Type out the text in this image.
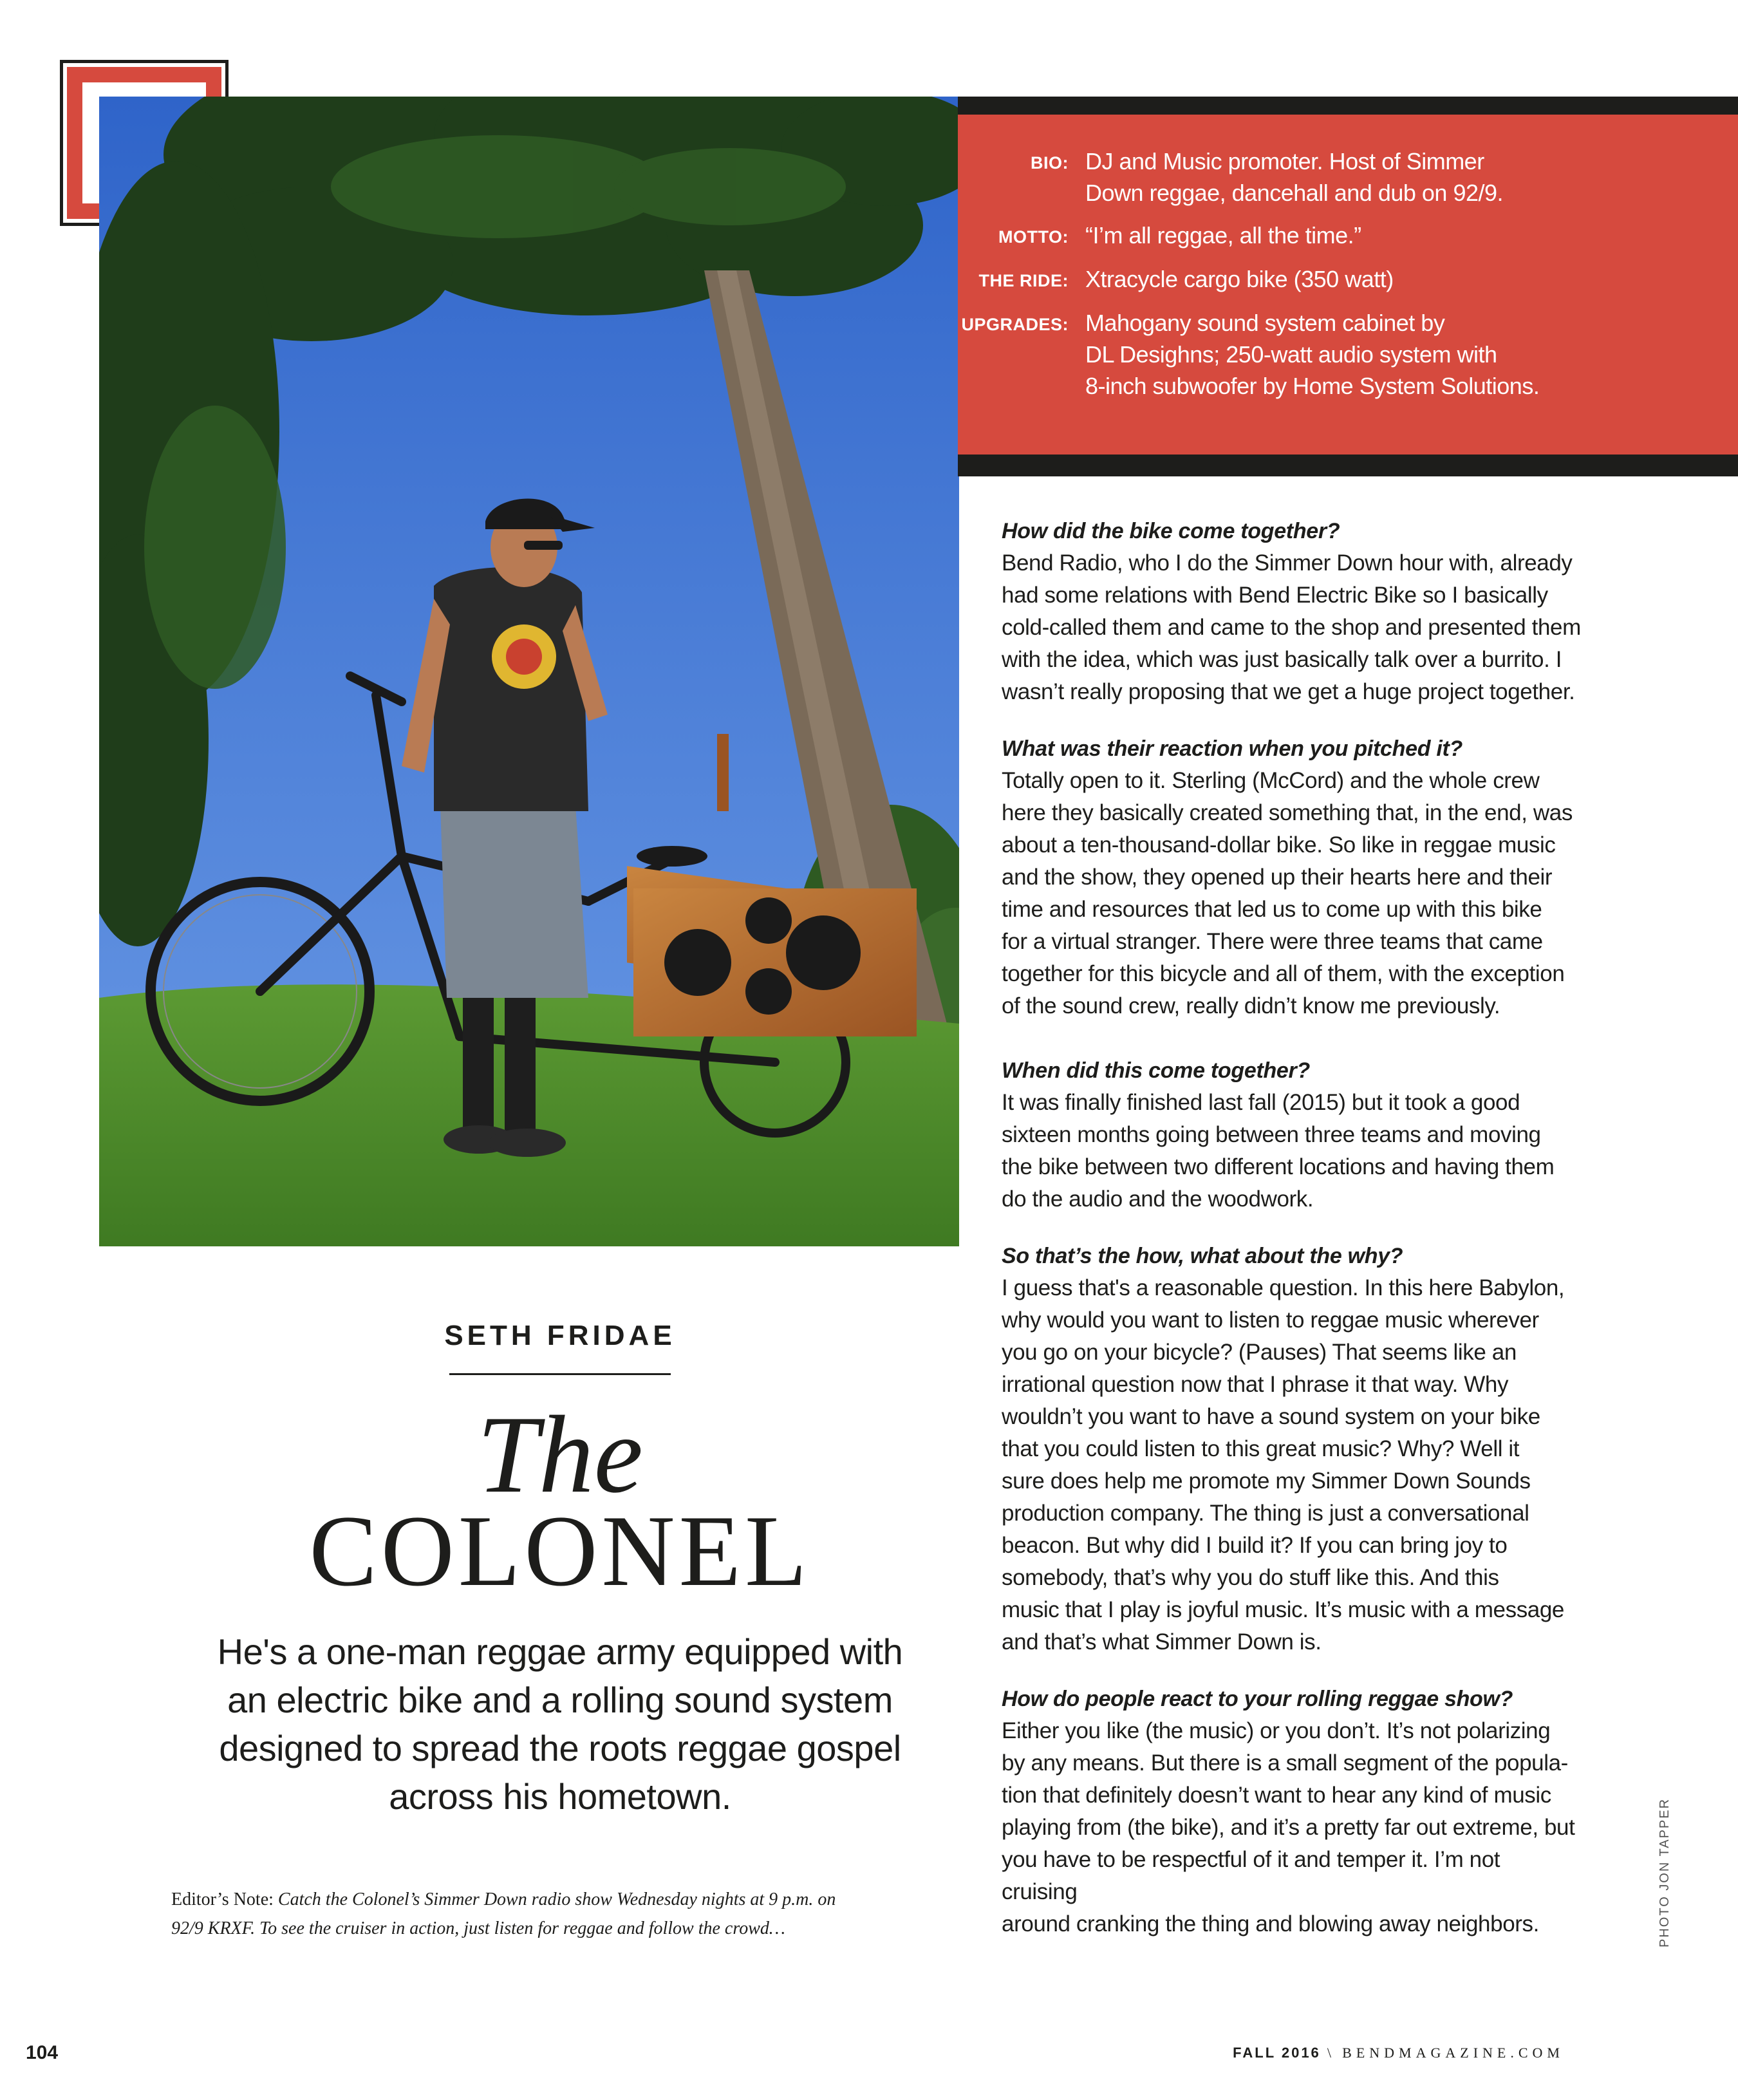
PHOTO JON TAPPER
BIO: DJ and Music promoter. Host of Simmer
Down reggae, dancehall and dub on 92/9.
MOTTO: “I’m all reggae, all the time.”
THE RIDE: Xtracycle cargo bike (350 watt)
UPGRADES: Mahogany sound system cabinet by
DL Desighns; 250-watt audio system with
8-inch subwoofer by Home System Solutions.
How did the bike come together?
Bend Radio, who I do the Simmer Down hour with, already
had some relations with Bend Electric Bike so I basically
cold-called them and came to the shop and presented them
with the idea, which was just basically talk over a burrito. I
wasn’t really proposing that we get a huge project together.
What was their reaction when you pitched it?
Totally open to it. Sterling (McCord) and the whole crew
here they basically created something that, in the end, was
about a ten-thousand-dollar bike. So like in reggae music
and the show, they opened up their hearts here and their
time and resources that led us to come up with this bike
for a virtual stranger. There were three teams that came
together for this bicycle and all of them, with the exception
of the sound crew, really didn’t know me previously.
When did this come together?
It was finally finished last fall (2015) but it took a good
sixteen months going between three teams and moving
the bike between two different locations and having them
do the audio and the woodwork.
So that’s the how, what about the why?
I guess that's a reasonable question. In this here Babylon,
why would you want to listen to reggae music wherever
you go on your bicycle? (Pauses) That seems like an
irrational question now that I phrase it that way. Why
wouldn’t you want to have a sound system on your bike
that you could listen to this great music? Why? Well it
sure does help me promote my Simmer Down Sounds
production company. The thing is just a conversational
beacon. But why did I build it? If you can bring joy to
somebody, that’s why you do stuff like this. And this
music that I play is joyful music. It’s music with a message
and that’s what Simmer Down is.
How do people react to your rolling reggae show?
Either you like (the music) or you don’t. It’s not polarizing
by any means. But there is a small segment of the popula-
tion that definitely doesn’t want to hear any kind of music
playing from (the bike), and it’s a pretty far out extreme, but
you have to be respectful of it and temper it. I’m not cruising
around cranking the thing and blowing away neighbors.
SETH FRIDAE
The
COLONEL
He's a one-man reggae army equipped with
an electric bike and a rolling sound system
designed to spread the roots reggae gospel
across his hometown.
Editor’s Note: Catch the Colonel’s Simmer Down radio show Wednesday nights at 9 p.m. on
92/9 KRXF. To see the cruiser in action, just listen for reggae and follow the crowd…
104	FALL 2016 \ BENDMAGAZINE.COM
